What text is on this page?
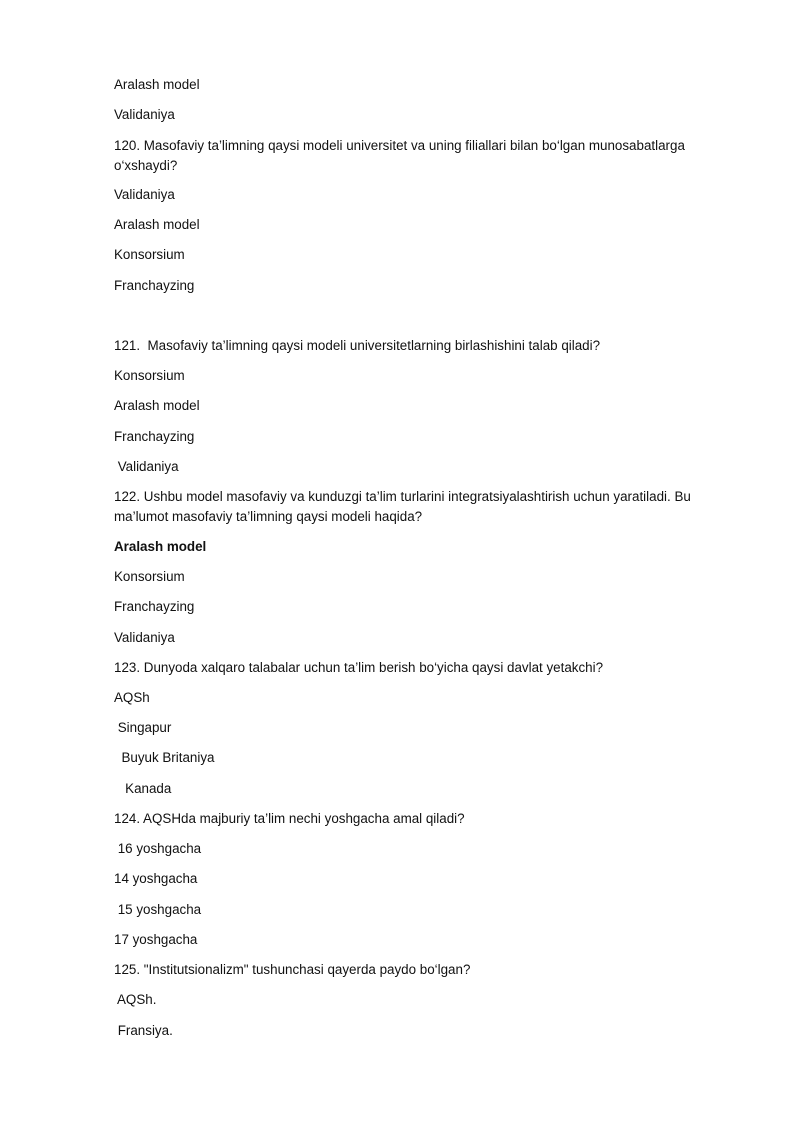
Aralash model

Validaniya

120. Masofaviy ta’limning qaysi modeli universitet va uning filiallari bilan bo‘lgan munosabatlarga o‘xshaydi?

Validaniya

Aralash model

Konsorsium

Franchayzing

121.  Masofaviy ta’limning qaysi modeli universitetlarning birlashishini talab qiladi?

Konsorsium

Aralash model

Franchayzing

Validaniya

122. Ushbu model masofaviy va kunduzgi ta’lim turlarini integratsiyalashtirish uchun yaratiladi. Bu ma’lumot masofaviy ta’limning qaysi modeli haqida?

Aralash model

Konsorsium

Franchayzing

Validaniya

123. Dunyoda xalqaro talabalar uchun ta’lim berish bo‘yicha qaysi davlat yetakchi?

AQSh

Singapur

Buyuk Britaniya

Kanada

124. AQSHda majburiy ta’lim nechi yoshgacha amal qiladi?

16 yoshgacha

14 yoshgacha

15 yoshgacha

17 yoshgacha

125. "Institutsionalizm" tushunchasi qayerda paydo bo‘lgan?

AQSh.

Fransiya.
